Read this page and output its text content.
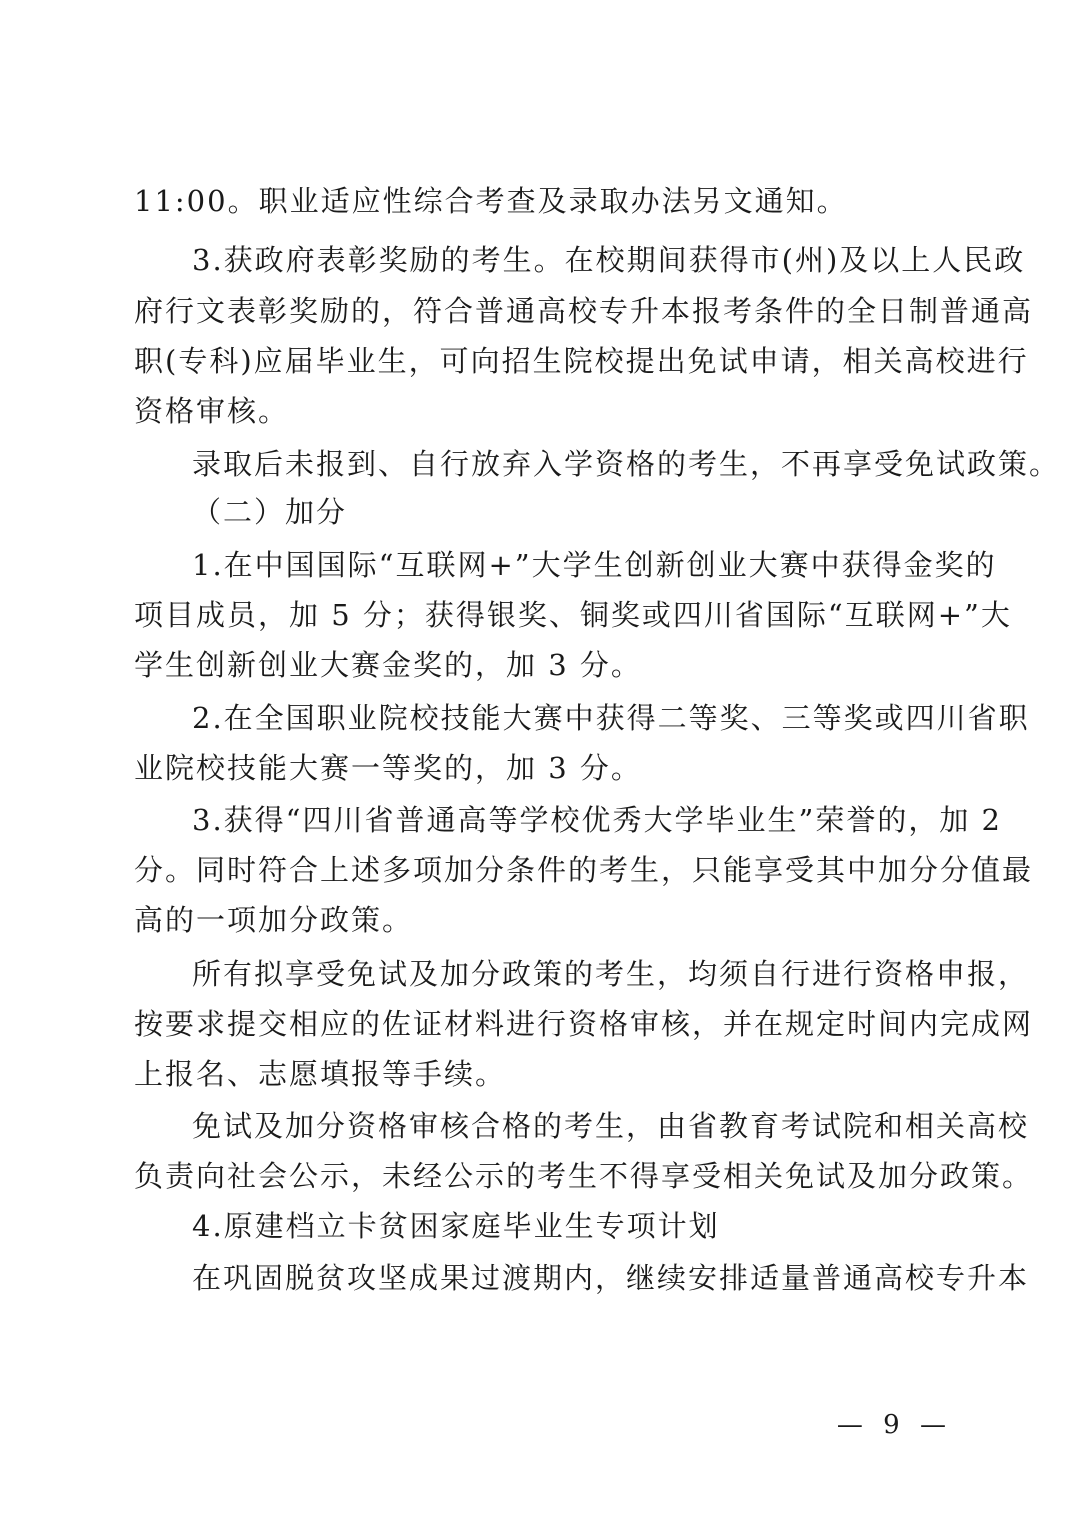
11:00。职业适应性综合考查及录取办法另文通知。
3.获政府表彰奖励的考生。在校期间获得市(州)及以上人民政
府行文表彰奖励的，符合普通高校专升本报考条件的全日制普通高
职(专科)应届毕业生，可向招生院校提出免试申请，相关高校进行
资格审核。
录取后未报到、自行放弃入学资格的考生，不再享受免试政策。
（二）加分
1.在中国国际“互联网+”大学生创新创业大赛中获得金奖的
项目成员，加 5 分；获得银奖、铜奖或四川省国际“互联网+”大
学生创新创业大赛金奖的，加 3 分。
2.在全国职业院校技能大赛中获得二等奖、三等奖或四川省职
业院校技能大赛一等奖的，加 3 分。
3.获得“四川省普通高等学校优秀大学毕业生”荣誉的，加 2
分。同时符合上述多项加分条件的考生，只能享受其中加分分值最
高的一项加分政策。
所有拟享受免试及加分政策的考生，均须自行进行资格申报，
按要求提交相应的佐证材料进行资格审核，并在规定时间内完成网
上报名、志愿填报等手续。
免试及加分资格审核合格的考生，由省教育考试院和相关高校
负责向社会公示，未经公示的考生不得享受相关免试及加分政策。
4.原建档立卡贫困家庭毕业生专项计划
在巩固脱贫攻坚成果过渡期内，继续安排适量普通高校专升本
— 9 —
